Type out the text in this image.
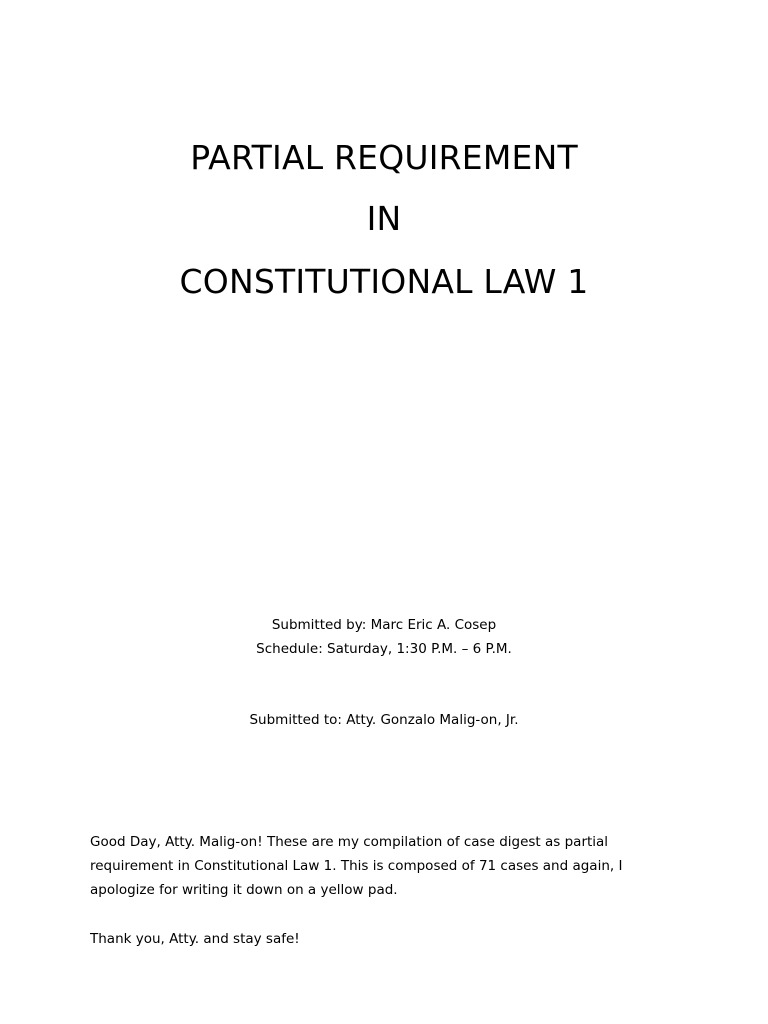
PARTIAL REQUIREMENT
IN
CONSTITUTIONAL LAW 1
Submitted by: Marc Eric A. Cosep
Schedule: Saturday, 1:30 P.M. – 6 P.M.
Submitted to: Atty. Gonzalo Malig-on, Jr.
Good Day, Atty. Malig-on! These are my compilation of case digest as partial
requirement in Constitutional Law 1. This is composed of 71 cases and again, I
apologize for writing it down on a yellow pad.
Thank you, Atty. and stay safe!
